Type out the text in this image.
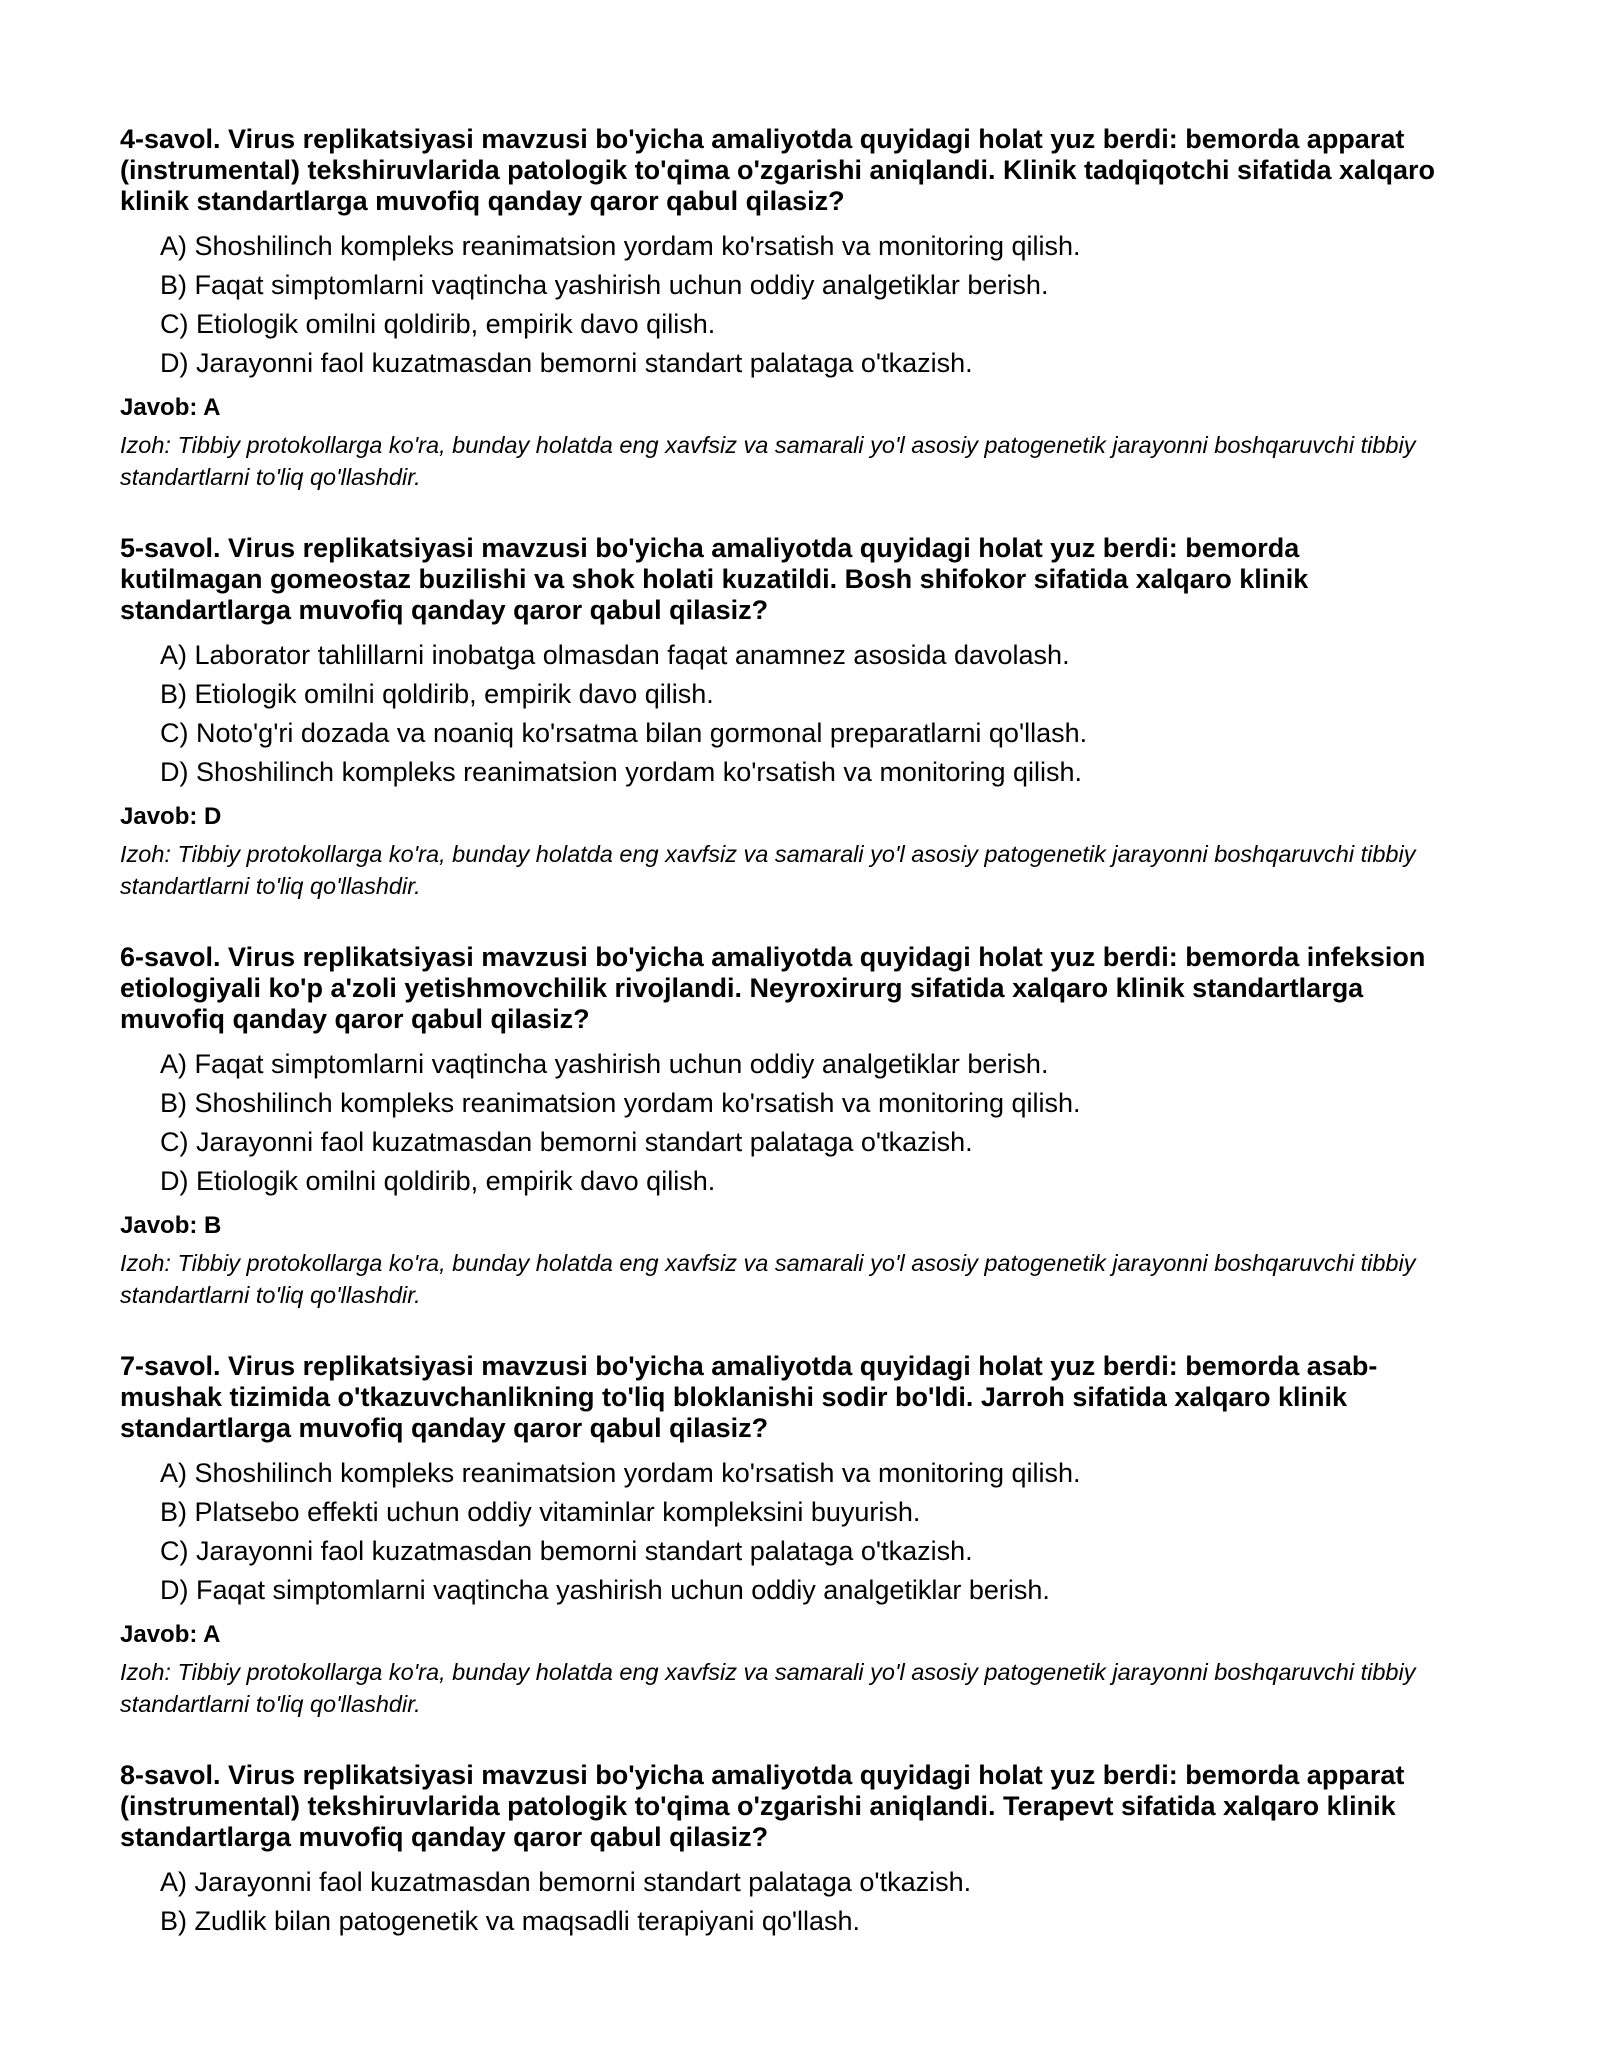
4-savol. Virus replikatsiyasi mavzusi bo'yicha amaliyotda quyidagi holat yuz berdi: bemorda apparat (instrumental) tekshiruvlarida patologik to'qima o'zgarishi aniqlandi. Klinik tadqiqotchi sifatida xalqaro klinik standartlarga muvofiq qanday qaror qabul qilasiz?

A) Shoshilinch kompleks reanimatsion yordam ko'rsatish va monitoring qilish.
B) Faqat simptomlarni vaqtincha yashirish uchun oddiy analgetiklar berish.
C) Etiologik omilni qoldirib, empirik davo qilish.
D) Jarayonni faol kuzatmasdan bemorni standart palataga o'tkazish.
Javob: A
Izoh: Tibbiy protokollarga ko'ra, bunday holatda eng xavfsiz va samarali yo'l asosiy patogenetik jarayonni boshqaruvchi tibbiy standartlarni to'liq qo'llashdir.

5-savol. Virus replikatsiyasi mavzusi bo'yicha amaliyotda quyidagi holat yuz berdi: bemorda kutilmagan gomeostaz buzilishi va shok holati kuzatildi. Bosh shifokor sifatida xalqaro klinik standartlarga muvofiq qanday qaror qabul qilasiz?

A) Laborator tahlillarni inobatga olmasdan faqat anamnez asosida davolash.
B) Etiologik omilni qoldirib, empirik davo qilish.
C) Noto'g'ri dozada va noaniq ko'rsatma bilan gormonal preparatlarni qo'llash.
D) Shoshilinch kompleks reanimatsion yordam ko'rsatish va monitoring qilish.
Javob: D
Izoh: Tibbiy protokollarga ko'ra, bunday holatda eng xavfsiz va samarali yo'l asosiy patogenetik jarayonni boshqaruvchi tibbiy standartlarni to'liq qo'llashdir.

6-savol. Virus replikatsiyasi mavzusi bo'yicha amaliyotda quyidagi holat yuz berdi: bemorda infeksion etiologiyali ko'p a'zoli yetishmovchilik rivojlandi. Neyroxirurg sifatida xalqaro klinik standartlarga muvofiq qanday qaror qabul qilasiz?

A) Faqat simptomlarni vaqtincha yashirish uchun oddiy analgetiklar berish.
B) Shoshilinch kompleks reanimatsion yordam ko'rsatish va monitoring qilish.
C) Jarayonni faol kuzatmasdan bemorni standart palataga o'tkazish.
D) Etiologik omilni qoldirib, empirik davo qilish.
Javob: B
Izoh: Tibbiy protokollarga ko'ra, bunday holatda eng xavfsiz va samarali yo'l asosiy patogenetik jarayonni boshqaruvchi tibbiy standartlarni to'liq qo'llashdir.

7-savol. Virus replikatsiyasi mavzusi bo'yicha amaliyotda quyidagi holat yuz berdi: bemorda asab-mushak tizimida o'tkazuvchanlikning to'liq bloklanishi sodir bo'ldi. Jarroh sifatida xalqaro klinik standartlarga muvofiq qanday qaror qabul qilasiz?

A) Shoshilinch kompleks reanimatsion yordam ko'rsatish va monitoring qilish.
B) Platsebo effekti uchun oddiy vitaminlar kompleksini buyurish.
C) Jarayonni faol kuzatmasdan bemorni standart palataga o'tkazish.
D) Faqat simptomlarni vaqtincha yashirish uchun oddiy analgetiklar berish.
Javob: A
Izoh: Tibbiy protokollarga ko'ra, bunday holatda eng xavfsiz va samarali yo'l asosiy patogenetik jarayonni boshqaruvchi tibbiy standartlarni to'liq qo'llashdir.

8-savol. Virus replikatsiyasi mavzusi bo'yicha amaliyotda quyidagi holat yuz berdi: bemorda apparat (instrumental) tekshiruvlarida patologik to'qima o'zgarishi aniqlandi. Terapevt sifatida xalqaro klinik standartlarga muvofiq qanday qaror qabul qilasiz?

A) Jarayonni faol kuzatmasdan bemorni standart palataga o'tkazish.
B) Zudlik bilan patogenetik va maqsadli terapiyani qo'llash.
